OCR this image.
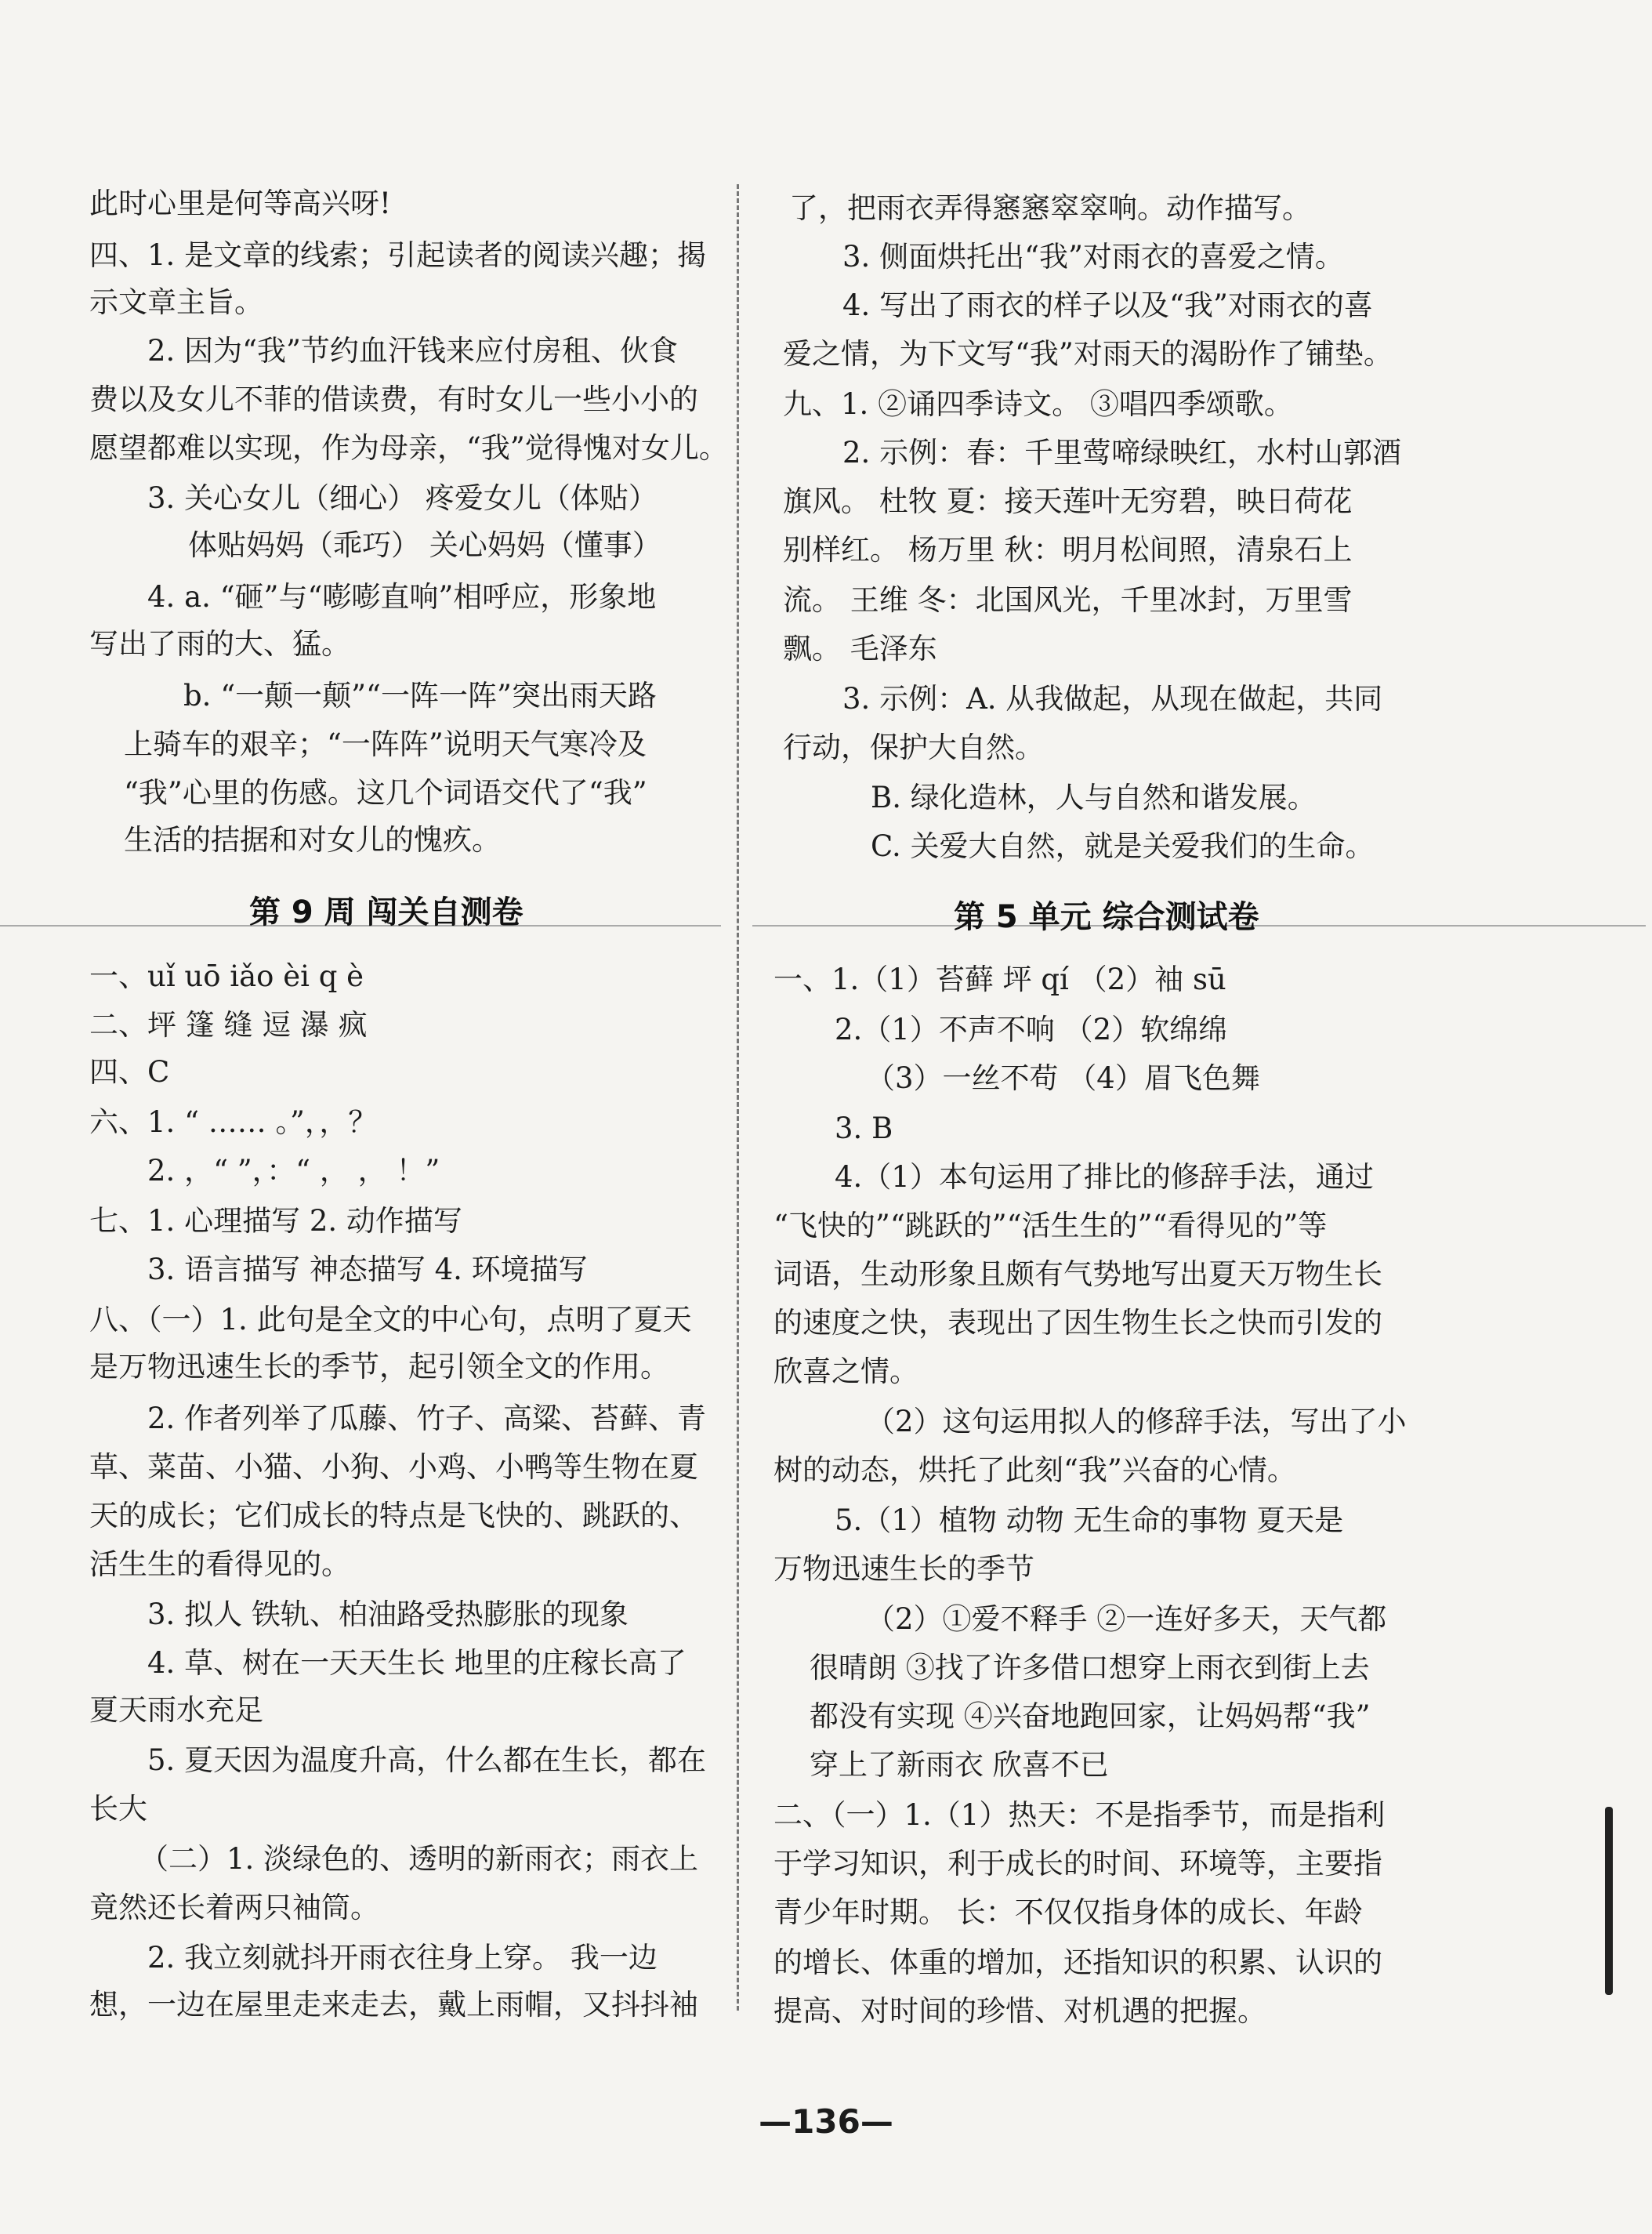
此时心里是何等高兴呀!
四、1. 是文章的线索；引起读者的阅读兴趣；揭
示文章主旨。
2. 因为“我”节约血汗钱来应付房租、伙食
费以及女儿不菲的借读费，有时女儿一些小小的
愿望都难以实现，作为母亲，“我”觉得愧对女儿。
3. 关心女儿（细心） 疼爱女儿（体贴）
体贴妈妈（乖巧） 关心妈妈（懂事）
4. a. “砸”与“嘭嘭直响”相呼应，形象地
写出了雨的大、猛。
b. “一颠一颠”“一阵一阵”突出雨天路
上骑车的艰辛；“一阵阵”说明天气寒冷及
“我”心里的伤感。这几个词语交代了“我”
生活的拮据和对女儿的愧疚。
第 9 周 闯关自测卷
一、uǐ uō iǎo èi q è
二、坪 篷 缝 逗 瀑 疯
四、C
六、1. “ …… 。”，，？
2. ，“ ”，：“ ， ， ！”
七、1. 心理描写 2. 动作描写
3. 语言描写 神态描写 4. 环境描写
八、（一）1. 此句是全文的中心句，点明了夏天
是万物迅速生长的季节，起引领全文的作用。
2. 作者列举了瓜藤、竹子、高粱、苔藓、青
草、菜苗、小猫、小狗、小鸡、小鸭等生物在夏
天的成长；它们成长的特点是飞快的、跳跃的、
活生生的看得见的。
3. 拟人 铁轨、柏油路受热膨胀的现象
4. 草、树在一天天生长 地里的庄稼长高了
夏天雨水充足
5. 夏天因为温度升高，什么都在生长，都在
长大
（二）1. 淡绿色的、透明的新雨衣；雨衣上
竟然还长着两只袖筒。
2. 我立刻就抖开雨衣往身上穿。 我一边
想，一边在屋里走来走去，戴上雨帽，又抖抖袖
了，把雨衣弄得窸窸窣窣响。动作描写。
3. 侧面烘托出“我”对雨衣的喜爱之情。
4. 写出了雨衣的样子以及“我”对雨衣的喜
爱之情，为下文写“我”对雨天的渴盼作了铺垫。
九、1. ②诵四季诗文。 ③唱四季颂歌。
2. 示例：春：千里莺啼绿映红，水村山郭酒
旗风。 杜牧 夏：接天莲叶无穷碧，映日荷花
别样红。 杨万里 秋：明月松间照，清泉石上
流。 王维 冬：北国风光，千里冰封，万里雪
飘。 毛泽东
3. 示例：A. 从我做起，从现在做起，共同
行动，保护大自然。
B. 绿化造林，人与自然和谐发展。
C. 关爱大自然，就是关爱我们的生命。
第 5 单元 综合测试卷
一、1.（1）苔藓 坪 qí （2）袖 sū
2.（1）不声不响 （2）软绵绵
（3）一丝不苟 （4）眉飞色舞
3. B
4.（1）本句运用了排比的修辞手法，通过
“飞快的”“跳跃的”“活生生的”“看得见的”等
词语，生动形象且颇有气势地写出夏天万物生长
的速度之快，表现出了因生物生长之快而引发的
欣喜之情。
（2）这句运用拟人的修辞手法，写出了小
树的动态，烘托了此刻“我”兴奋的心情。
5.（1）植物 动物 无生命的事物 夏天是
万物迅速生长的季节
（2）①爱不释手 ②一连好多天，天气都
很晴朗 ③找了许多借口想穿上雨衣到街上去
都没有实现 ④兴奋地跑回家，让妈妈帮“我”
穿上了新雨衣 欣喜不已
二、（一）1.（1）热天：不是指季节，而是指利
于学习知识，利于成长的时间、环境等，主要指
青少年时期。 长：不仅仅指身体的成长、年龄
的增长、体重的增加，还指知识的积累、认识的
提高、对时间的珍惜、对机遇的把握。
—136—
